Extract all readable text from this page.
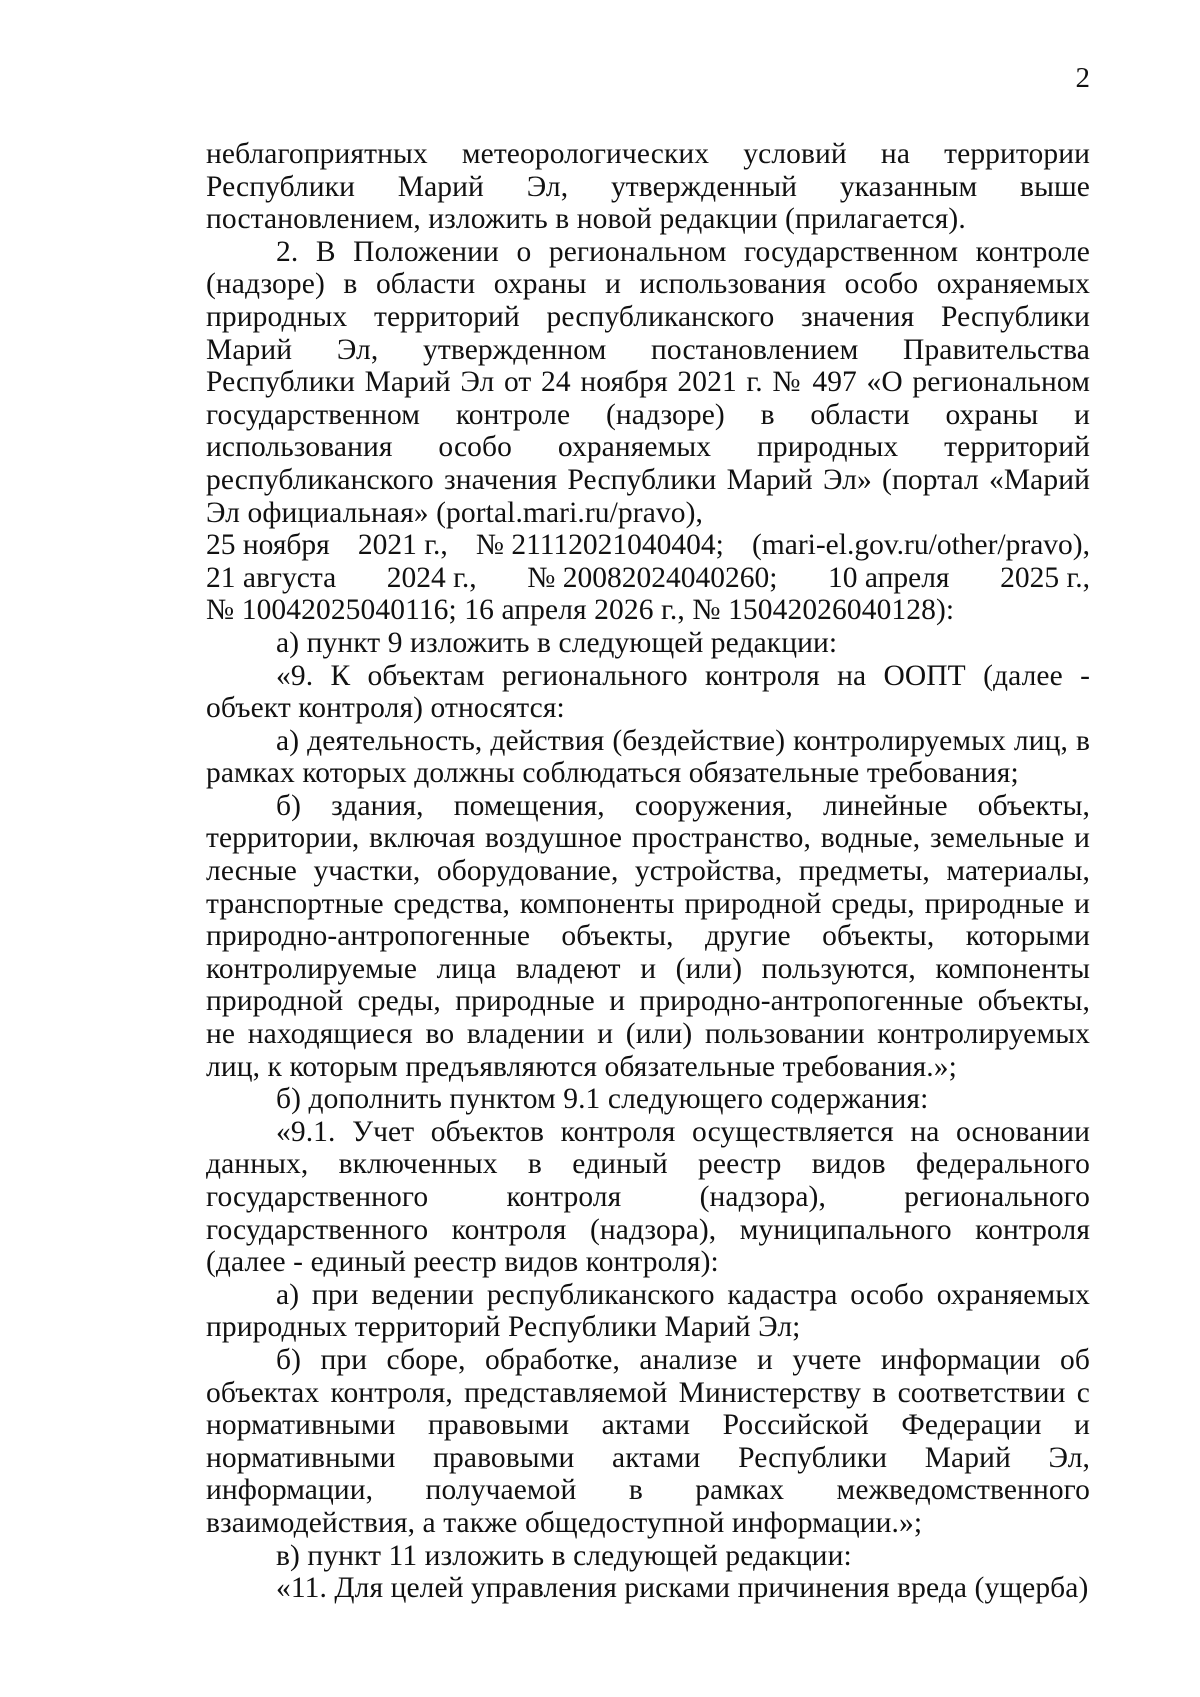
2

неблагоприятных метеорологических условий на территории Республики Марий Эл, утвержденный указанным выше постановлением, изложить в новой редакции (прилагается).

2. В Положении о региональном государственном контроле (надзоре) в области охраны и использования особо охраняемых природных территорий республиканского значения Республики Марий Эл, утвержденном постановлением Правительства Республики Марий Эл от 24 ноября 2021 г. № 497 «О региональном государственном контроле (надзоре) в области охраны и использования особо охраняемых природных территорий республиканского значения Республики Марий Эл» (портал «Марий Эл официальная» (portal.mari.ru/pravo),

25 ноября 2021 г., № 21112021040404; (mari-el.gov.ru/other/pravo),
21 августа 2024 г., № 20082024040260; 10 апреля 2025 г.,

№ 10042025040116; 16 апреля 2026 г., № 15042026040128):

а) пункт 9 изложить в следующей редакции:

«9. К объектам регионального контроля на ООПТ (далее - объект контроля) относятся:

а) деятельность, действия (бездействие) контролируемых лиц, в рамках которых должны соблюдаться обязательные требования;

б) здания, помещения, сооружения, линейные объекты, территории, включая воздушное пространство, водные, земельные и лесные участки, оборудование, устройства, предметы, материалы, транспортные средства, компоненты природной среды, природные и природно-антропогенные объекты, другие объекты, которыми контролируемые лица владеют и (или) пользуются, компоненты природной среды, природные и природно-антропогенные объекты, не находящиеся во владении и (или) пользовании контролируемых лиц, к которым предъявляются обязательные требования.»;

б) дополнить пунктом 9.1 следующего содержания:

«9.1. Учет объектов контроля осуществляется на основании данных, включенных в единый реестр видов федерального государственного контроля (надзора), регионального государственного контроля (надзора), муниципального контроля (далее - единый реестр видов контроля):

а) при ведении республиканского кадастра особо охраняемых природных территорий Республики Марий Эл;

б) при сборе, обработке, анализе и учете информации об объектах контроля, представляемой Министерству в соответствии с нормативными правовыми актами Российской Федерации и нормативными правовыми актами Республики Марий Эл, информации, получаемой в рамках межведомственного взаимодействия, а также общедоступной информации.»;

в) пункт 11 изложить в следующей редакции:

«11. Для целей управления рисками причинения вреда (ущерба)
